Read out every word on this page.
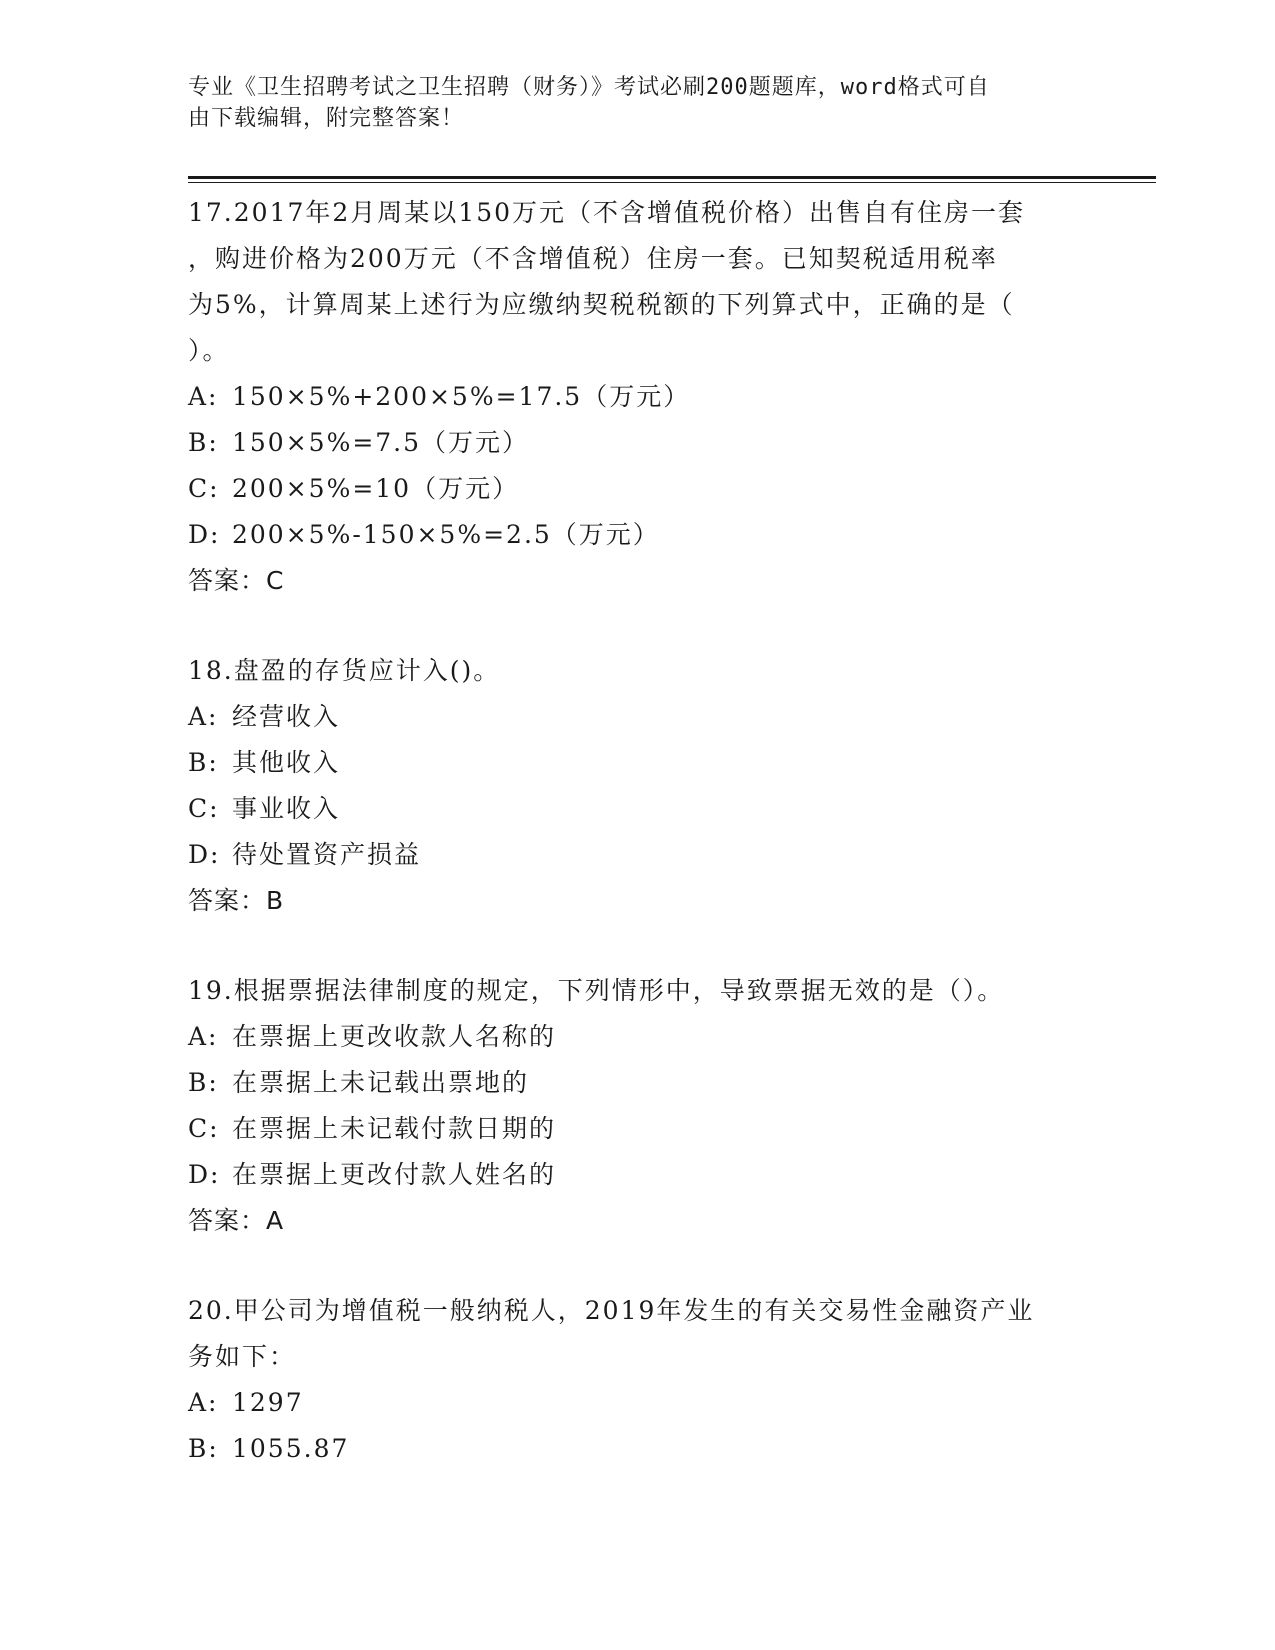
专业《卫生招聘考试之卫生招聘（财务）》考试必刷200题题库，word格式可自
由下载编辑，附完整答案！
17.2017年2月周某以150万元（不含增值税价格）出售自有住房一套
，购进价格为200万元（不含增值税）住房一套。已知契税适用税率
为5%，计算周某上述行为应缴纳契税税额的下列算式中，正确的是（
）。
A: 150×5%+200×5%=17.5（万元）
B: 150×5%=7.5（万元）
C: 200×5%=10（万元）
D: 200×5%-150×5%=2.5（万元）
答案：C
18.盘盈的存货应计入()。
A: 经营收入
B: 其他收入
C: 事业收入
D: 待处置资产损益
答案：B
19.根据票据法律制度的规定，下列情形中，导致票据无效的是（）。
A: 在票据上更改收款人名称的
B: 在票据上未记载出票地的
C: 在票据上未记载付款日期的
D: 在票据上更改付款人姓名的
答案：A
20.甲公司为增值税一般纳税人，2019年发生的有关交易性金融资产业
务如下：
A: 1297
B: 1055.87
